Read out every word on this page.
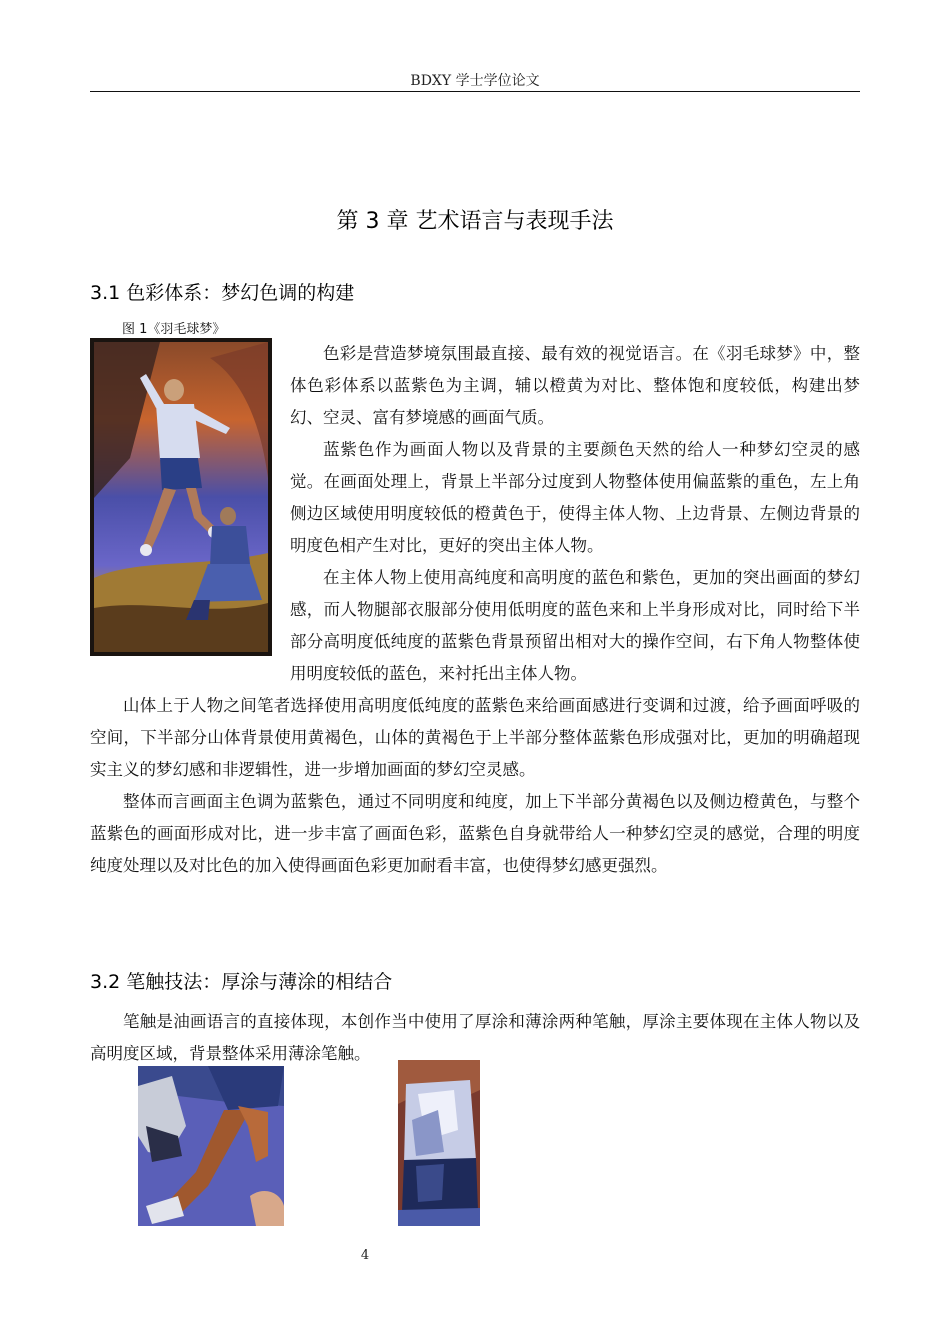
BDXY 学士学位论文
第 3 章 艺术语言与表现手法
3.1 色彩体系：梦幻色调的构建
图 1《羽毛球梦》

色彩是营造梦境氛围最直接、最有效的视觉语言。在《羽毛球梦》中，整体色彩体系以蓝紫色为主调，辅以橙黄为对比、整体饱和度较低，构建出梦幻、空灵、富有梦境感的画面气质。

蓝紫色作为画面人物以及背景的主要颜色天然的给人一种梦幻空灵的感觉。在画面处理上，背景上半部分过度到人物整体使用偏蓝紫的重色，左上角侧边区域使用明度较低的橙黄色于，使得主体人物、上边背景、左侧边背景的明度色相产生对比，更好的突出主体人物。

在主体人物上使用高纯度和高明度的蓝色和紫色，更加的突出画面的梦幻感，而人物腿部衣服部分使用低明度的蓝色来和上半身形成对比，同时给下半部分高明度低纯度的蓝紫色背景预留出相对大的操作空间，右下角人物整体使用明度较低的蓝色，来衬托出主体人物。

山体上于人物之间笔者选择使用高明度低纯度的蓝紫色来给画面感进行变调和过渡，给予画面呼吸的空间，下半部分山体背景使用黄褐色，山体的黄褐色于上半部分整体蓝紫色形成强对比，更加的明确超现实主义的梦幻感和非逻辑性，进一步增加画面的梦幻空灵感。

整体而言画面主色调为蓝紫色，通过不同明度和纯度，加上下半部分黄褐色以及侧边橙黄色，与整个蓝紫色的画面形成对比，进一步丰富了画面色彩，蓝紫色自身就带给人一种梦幻空灵的感觉，合理的明度纯度处理以及对比色的加入使得画面色彩更加耐看丰富，也使得梦幻感更强烈。

3.2 笔触技法：厚涂与薄涂的相结合

笔触是油画语言的直接体现，本创作当中使用了厚涂和薄涂两种笔触，厚涂主要体现在主体人物以及高明度区域，背景整体采用薄涂笔触。

4
